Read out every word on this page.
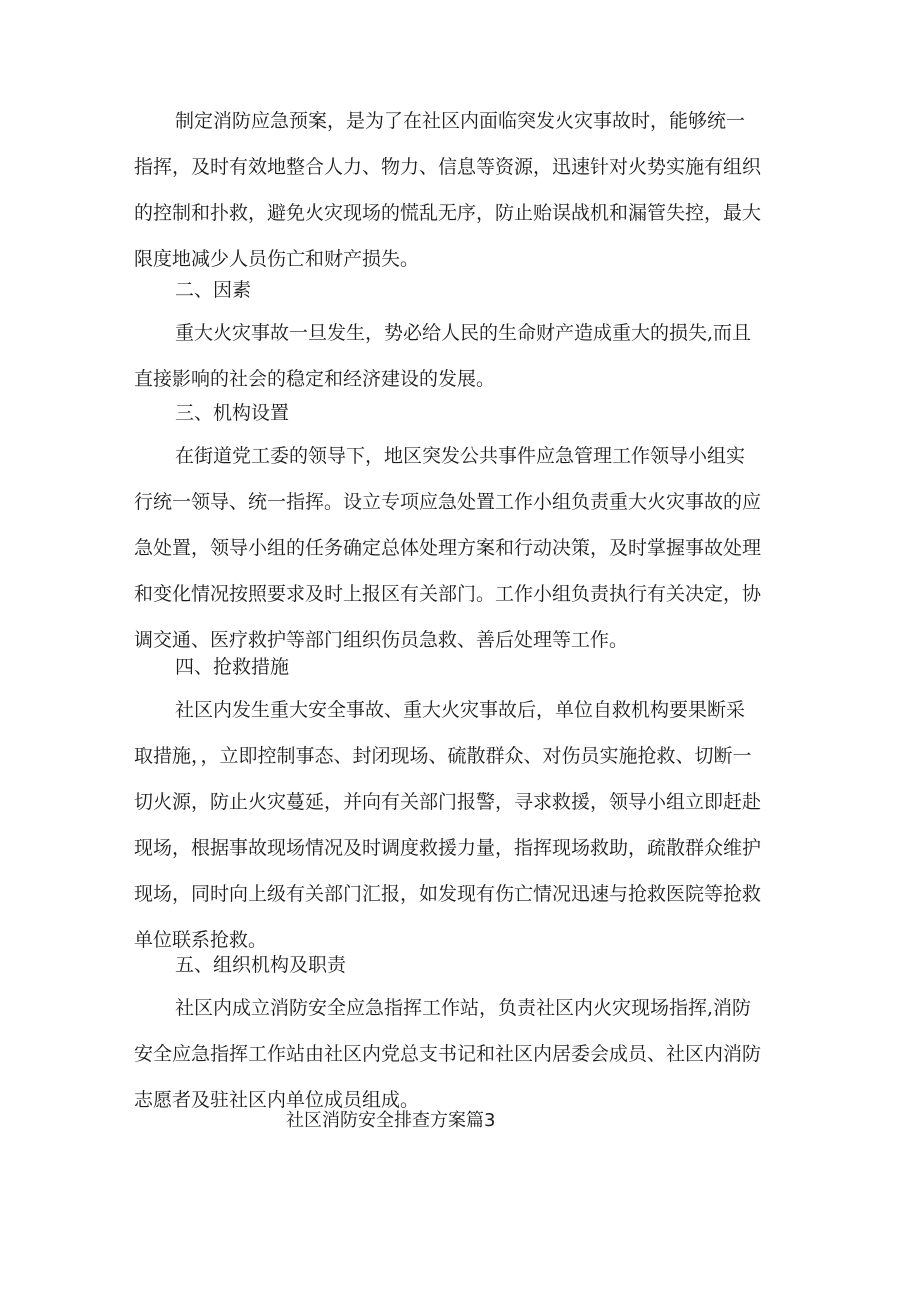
制定消防应急预案，是为了在社区内面临突发火灾事故时，能够统一
指挥，及时有效地整合人力、物力、信息等资源，迅速针对火势实施有组织
的控制和扑救，避免火灾现场的慌乱无序，防止贻误战机和漏管失控，最大
限度地减少人员伤亡和财产损失。
二、因素
重大火灾事故一旦发生，势必给人民的生命财产造成重大的损失,而且
直接影响的社会的稳定和经济建设的发展。
三、机构设置
在街道党工委的领导下，地区突发公共事件应急管理工作领导小组实
行统一领导、统一指挥。设立专项应急处置工作小组负责重大火灾事故的应
急处置，领导小组的任务确定总体处理方案和行动决策，及时掌握事故处理
和变化情况按照要求及时上报区有关部门。工作小组负责执行有关决定，协
调交通、医疗救护等部门组织伤员急救、善后处理等工作。
四、抢救措施
社区内发生重大安全事故、重大火灾事故后，单位自救机构要果断采
取措施，，立即控制事态、封闭现场、硫散群众、对伤员实施抢救、切断一
切火源，防止火灾蔓延，并向有关部门报警，寻求救援，领导小组立即赶赴
现场，根据事故现场情况及时调度救援力量，指挥现场救助，疏散群众维护
现场，同时向上级有关部门汇报，如发现有伤亡情况迅速与抢救医院等抢救
单位联系抢救。
五、组织机构及职责
社区内成立消防安全应急指挥工作站，负责社区内火灾现场指挥,消防
安全应急指挥工作站由社区内党总支书记和社区内居委会成员、社区内消防
志愿者及驻社区内单位成员组成。
社区消防安全排查方案篇3
